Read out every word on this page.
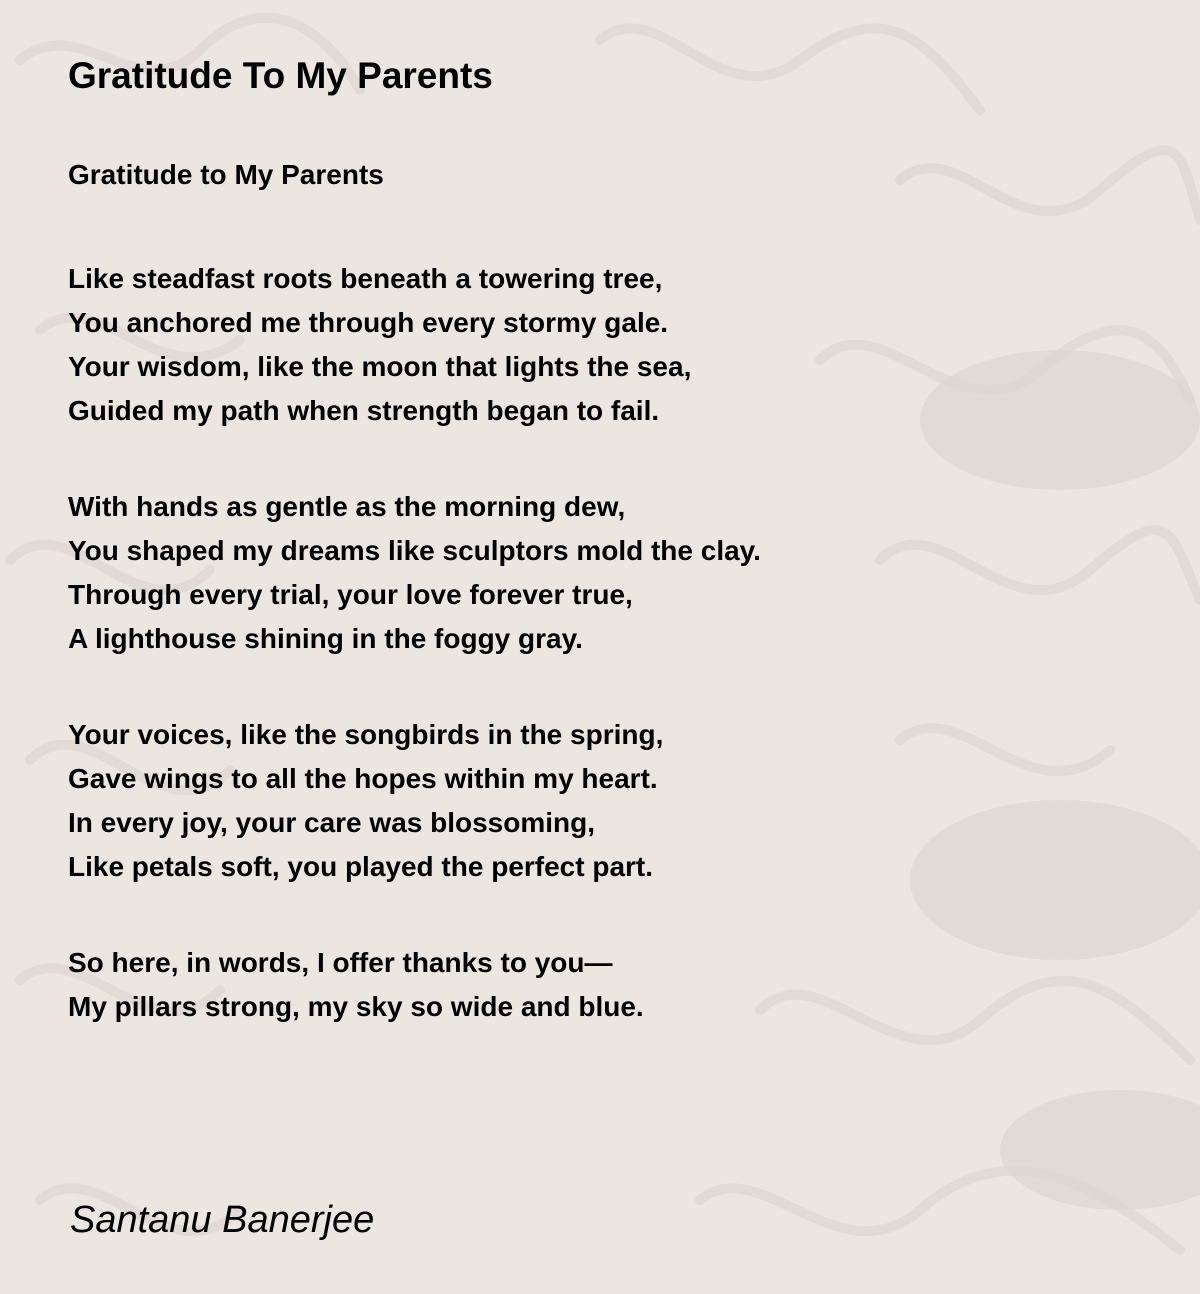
Gratitude To My Parents
Gratitude to My Parents
Like steadfast roots beneath a towering tree,
You anchored me through every stormy gale.
Your wisdom, like the moon that lights the sea,
Guided my path when strength began to fail.
With hands as gentle as the morning dew,
You shaped my dreams like sculptors mold the clay.
Through every trial, your love forever true,
A lighthouse shining in the foggy gray.
Your voices, like the songbirds in the spring,
Gave wings to all the hopes within my heart.
In every joy, your care was blossoming,
Like petals soft, you played the perfect part.
So here, in words, I offer thanks to you—
My pillars strong, my sky so wide and blue.

Santanu Banerjee
